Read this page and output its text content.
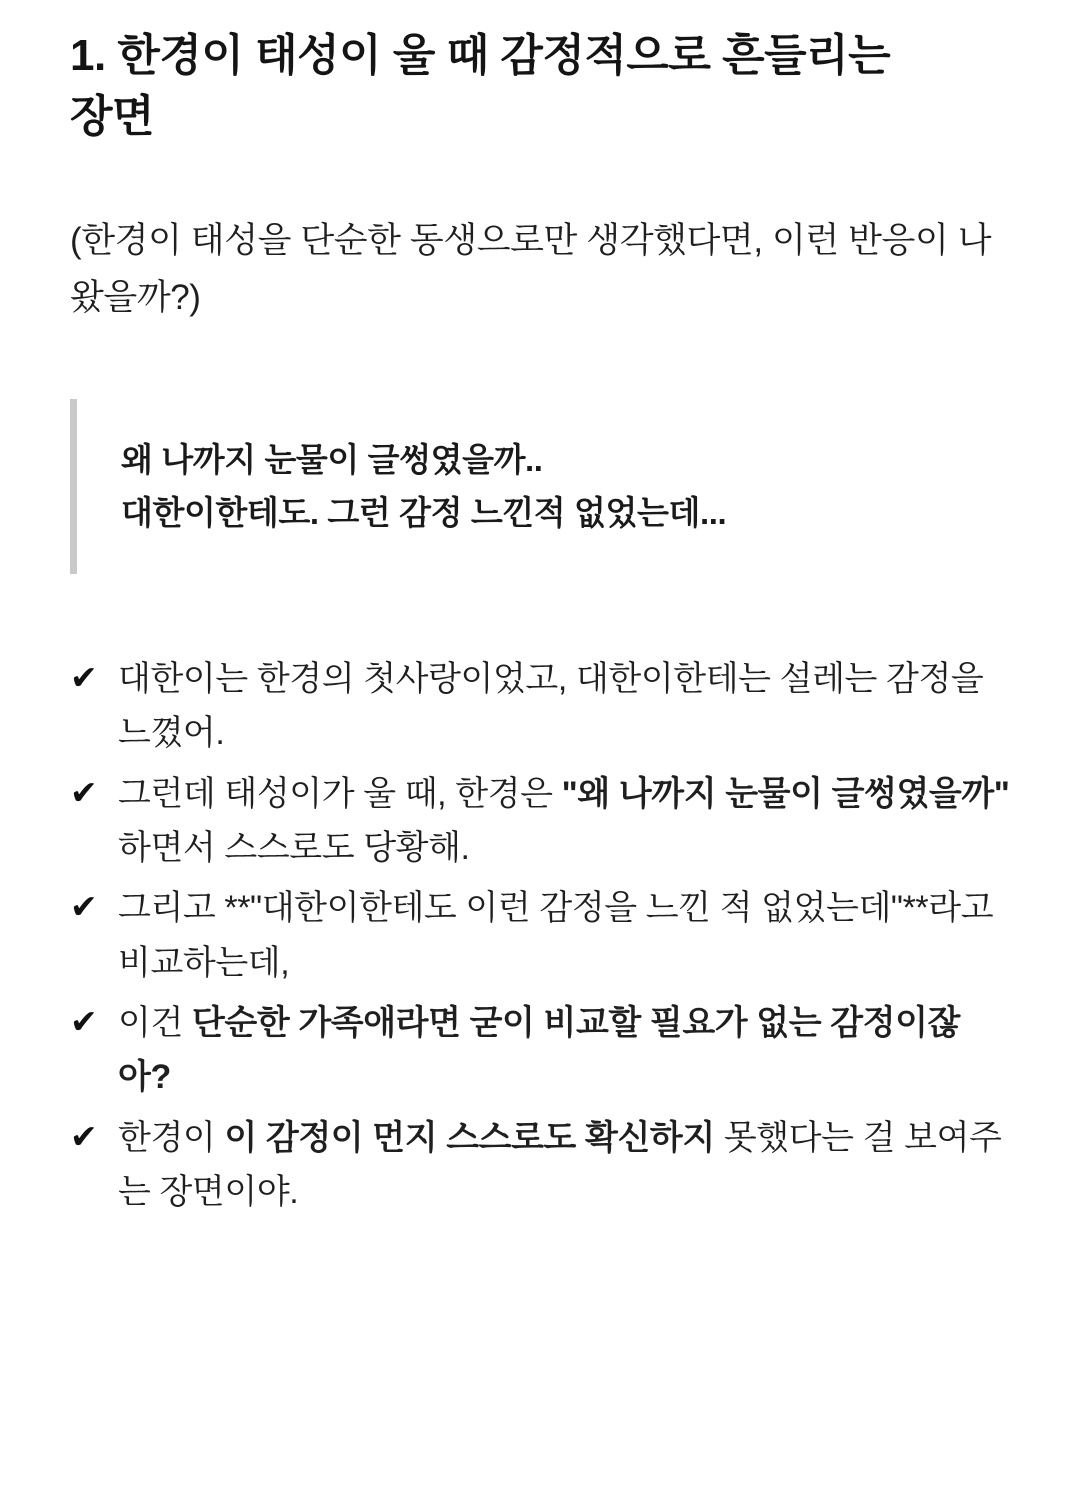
1. 한경이 태성이 울 때 감정적으로 흔들리는 장면

(한경이 태성을 단순한 동생으로만 생각했다면, 이런 반응이 나왔을까?)

왜 나까지 눈물이 글썽였을까..
대한이한테도. 그런 감정 느낀적 없었는데...
✔ 대한이는 한경의 첫사랑이었고, 대한이한테는 설레는 감정을 느꼈어.
✔ 그런데 태성이가 울 때, 한경은 "왜 나까지 눈물이 글썽였을까" 하면서 스스로도 당황해.
✔ 그리고 **"대한이한테도 이런 감정을 느낀 적 없었는데"**라고 비교하는데,
✔ 이건 단순한 가족애라면 굳이 비교할 필요가 없는 감정이잖아?
✔ 한경이 이 감정이 먼지 스스로도 확신하지 못했다는 걸 보여주는 장면이야.
